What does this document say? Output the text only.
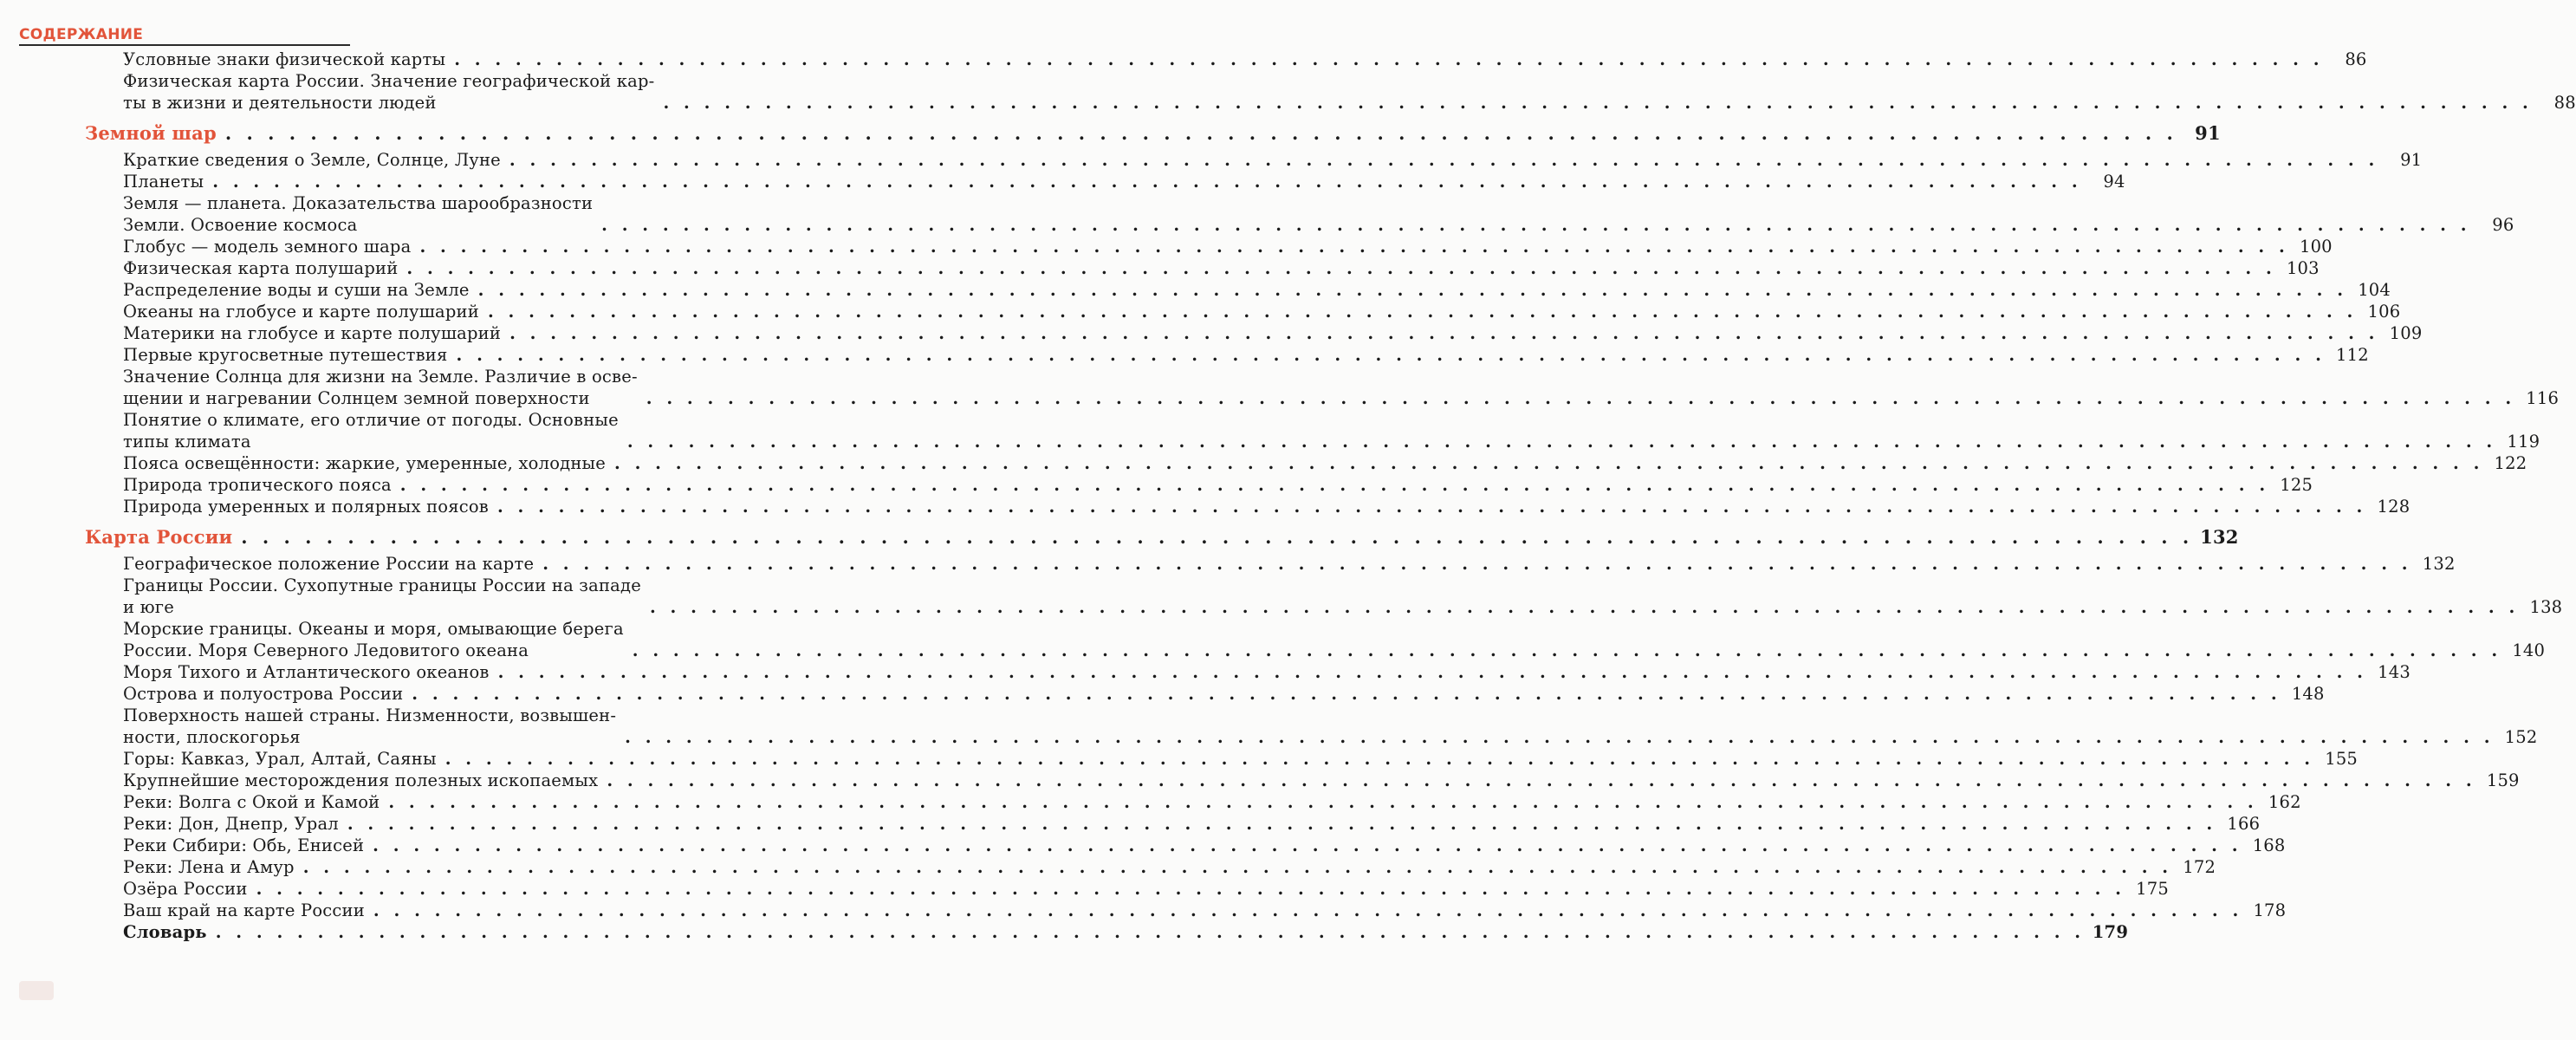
СОДЕРЖАНИЕ
Условные знаки физической карты . . . . . . . . . . . . . . . . . . . . . . . . . . . . . . . . . . . . . . . . . . . . . . . . . . . . . . . . . . . . . . . . . . . . . . . . . . . . . . . . . . . . . . . . . . . .	86
Физическая карта России. Значение географической кар-
ты в жизни и деятельности людей	. . . . . . . . . . . . . . . . . . . . . . . . . . . . . . . . . . . . . . . . . . . . . . . . . . . . . . . . . . . . . . . . . . . . . . . . . . . . . . . . . . . . . . . . . . . .	88
Земной шар . . . . . . . . . . . . . . . . . . . . . . . . . . . . . . . . . . . . . . . . . . . . . . . . . . . . . . . . . . . . . . . . . . . . . . . . . . . . . . . . . . . . . . . . . . . . 91
Краткие сведения о Земле, Солнце, Луне . . . . . . . . . . . . . . . . . . . . . . . . . . . . . . . . . . . . . . . . . . . . . . . . . . . . . . . . . . . . . . . . . . . . . . . . . . . . . . . . . . . . . . . . . . . .	91
Планеты . . . . . . . . . . . . . . . . . . . . . . . . . . . . . . . . . . . . . . . . . . . . . . . . . . . . . . . . . . . . . . . . . . . . . . . . . . . . . . . . . . . . . . . . . . . .	94
Земля — планета. Доказательства шарообразности
Земли. Освоение космоса	. . . . . . . . . . . . . . . . . . . . . . . . . . . . . . . . . . . . . . . . . . . . . . . . . . . . . . . . . . . . . . . . . . . . . . . . . . . . . . . . . . . . . . . . . . . .	96
Глобус — модель земного шара . . . . . . . . . . . . . . . . . . . . . . . . . . . . . . . . . . . . . . . . . . . . . . . . . . . . . . . . . . . . . . . . . . . . . . . . . . . . . . . . . . . . . . . . . . . . 100
Физическая карта полушарий . . . . . . . . . . . . . . . . . . . . . . . . . . . . . . . . . . . . . . . . . . . . . . . . . . . . . . . . . . . . . . . . . . . . . . . . . . . . . . . . . . . . . . . . . . . . 103
Распределение воды и суши на Земле . . . . . . . . . . . . . . . . . . . . . . . . . . . . . . . . . . . . . . . . . . . . . . . . . . . . . . . . . . . . . . . . . . . . . . . . . . . . . . . . . . . . . . . . . . . . 104
Океаны на глобусе и карте полушарий . . . . . . . . . . . . . . . . . . . . . . . . . . . . . . . . . . . . . . . . . . . . . . . . . . . . . . . . . . . . . . . . . . . . . . . . . . . . . . . . . . . . . . . . . . . . 106
Материки на глобусе и карте полушарий . . . . . . . . . . . . . . . . . . . . . . . . . . . . . . . . . . . . . . . . . . . . . . . . . . . . . . . . . . . . . . . . . . . . . . . . . . . . . . . . . . . . . . . . . . . . 109
Первые кругосветные путешествия . . . . . . . . . . . . . . . . . . . . . . . . . . . . . . . . . . . . . . . . . . . . . . . . . . . . . . . . . . . . . . . . . . . . . . . . . . . . . . . . . . . . . . . . . . . . 112
Значение Солнца для жизни на Земле. Различие в осве-
щении и нагревании Солнцем земной поверхности	. . . . . . . . . . . . . . . . . . . . . . . . . . . . . . . . . . . . . . . . . . . . . . . . . . . . . . . . . . . . . . . . . . . . . . . . . . . . . . . . . . . . . . . . . . . . 116
Понятие о климате, его отличие от погоды. Основные
типы климата	. . . . . . . . . . . . . . . . . . . . . . . . . . . . . . . . . . . . . . . . . . . . . . . . . . . . . . . . . . . . . . . . . . . . . . . . . . . . . . . . . . . . . . . . . . . . 119
Пояса освещённости: жаркие, умеренные, холодные . . . . . . . . . . . . . . . . . . . . . . . . . . . . . . . . . . . . . . . . . . . . . . . . . . . . . . . . . . . . . . . . . . . . . . . . . . . . . . . . . . . . . . . . . . . . 122
Природа тропического пояса . . . . . . . . . . . . . . . . . . . . . . . . . . . . . . . . . . . . . . . . . . . . . . . . . . . . . . . . . . . . . . . . . . . . . . . . . . . . . . . . . . . . . . . . . . . . 125
Природа умеренных и полярных поясов . . . . . . . . . . . . . . . . . . . . . . . . . . . . . . . . . . . . . . . . . . . . . . . . . . . . . . . . . . . . . . . . . . . . . . . . . . . . . . . . . . . . . . . . . . . . 128
Карта России . . . . . . . . . . . . . . . . . . . . . . . . . . . . . . . . . . . . . . . . . . . . . . . . . . . . . . . . . . . . . . . . . . . . . . . . . . . . . . . . . . . . . . . . . . . . 132
Географическое положение России на карте . . . . . . . . . . . . . . . . . . . . . . . . . . . . . . . . . . . . . . . . . . . . . . . . . . . . . . . . . . . . . . . . . . . . . . . . . . . . . . . . . . . . . . . . . . . . 132
Границы России. Сухопутные границы России на западе
и юге	. . . . . . . . . . . . . . . . . . . . . . . . . . . . . . . . . . . . . . . . . . . . . . . . . . . . . . . . . . . . . . . . . . . . . . . . . . . . . . . . . . . . . . . . . . . . 138
Морские границы. Океаны и моря, омывающие берега
России. Моря Северного Ледовитого океана	. . . . . . . . . . . . . . . . . . . . . . . . . . . . . . . . . . . . . . . . . . . . . . . . . . . . . . . . . . . . . . . . . . . . . . . . . . . . . . . . . . . . . . . . . . . . 140
Моря Тихого и Атлантического океанов . . . . . . . . . . . . . . . . . . . . . . . . . . . . . . . . . . . . . . . . . . . . . . . . . . . . . . . . . . . . . . . . . . . . . . . . . . . . . . . . . . . . . . . . . . . . 143
Острова и полуострова России . . . . . . . . . . . . . . . . . . . . . . . . . . . . . . . . . . . . . . . . . . . . . . . . . . . . . . . . . . . . . . . . . . . . . . . . . . . . . . . . . . . . . . . . . . . . 148
Поверхность нашей страны. Низменности, возвышен-
ности, плоскогорья	. . . . . . . . . . . . . . . . . . . . . . . . . . . . . . . . . . . . . . . . . . . . . . . . . . . . . . . . . . . . . . . . . . . . . . . . . . . . . . . . . . . . . . . . . . . . 152
Горы: Кавказ, Урал, Алтай, Саяны . . . . . . . . . . . . . . . . . . . . . . . . . . . . . . . . . . . . . . . . . . . . . . . . . . . . . . . . . . . . . . . . . . . . . . . . . . . . . . . . . . . . . . . . . . . . 155
Крупнейшие месторождения полезных ископаемых . . . . . . . . . . . . . . . . . . . . . . . . . . . . . . . . . . . . . . . . . . . . . . . . . . . . . . . . . . . . . . . . . . . . . . . . . . . . . . . . . . . . . . . . . . . . 159
Реки: Волга с Окой и Камой . . . . . . . . . . . . . . . . . . . . . . . . . . . . . . . . . . . . . . . . . . . . . . . . . . . . . . . . . . . . . . . . . . . . . . . . . . . . . . . . . . . . . . . . . . . . 162
Реки: Дон, Днепр, Урал . . . . . . . . . . . . . . . . . . . . . . . . . . . . . . . . . . . . . . . . . . . . . . . . . . . . . . . . . . . . . . . . . . . . . . . . . . . . . . . . . . . . . . . . . . . . 166
Реки Сибири: Обь, Енисей . . . . . . . . . . . . . . . . . . . . . . . . . . . . . . . . . . . . . . . . . . . . . . . . . . . . . . . . . . . . . . . . . . . . . . . . . . . . . . . . . . . . . . . . . . . . 168
Реки: Лена и Амур . . . . . . . . . . . . . . . . . . . . . . . . . . . . . . . . . . . . . . . . . . . . . . . . . . . . . . . . . . . . . . . . . . . . . . . . . . . . . . . . . . . . . . . . . . . . 172
Озёра России . . . . . . . . . . . . . . . . . . . . . . . . . . . . . . . . . . . . . . . . . . . . . . . . . . . . . . . . . . . . . . . . . . . . . . . . . . . . . . . . . . . . . . . . . . . . 175
Ваш край на карте России . . . . . . . . . . . . . . . . . . . . . . . . . . . . . . . . . . . . . . . . . . . . . . . . . . . . . . . . . . . . . . . . . . . . . . . . . . . . . . . . . . . . . . . . . . . . 178
Словарь . . . . . . . . . . . . . . . . . . . . . . . . . . . . . . . . . . . . . . . . . . . . . . . . . . . . . . . . . . . . . . . . . . . . . . . . . . . . . . . . . . . . . . . . . . . . 179
